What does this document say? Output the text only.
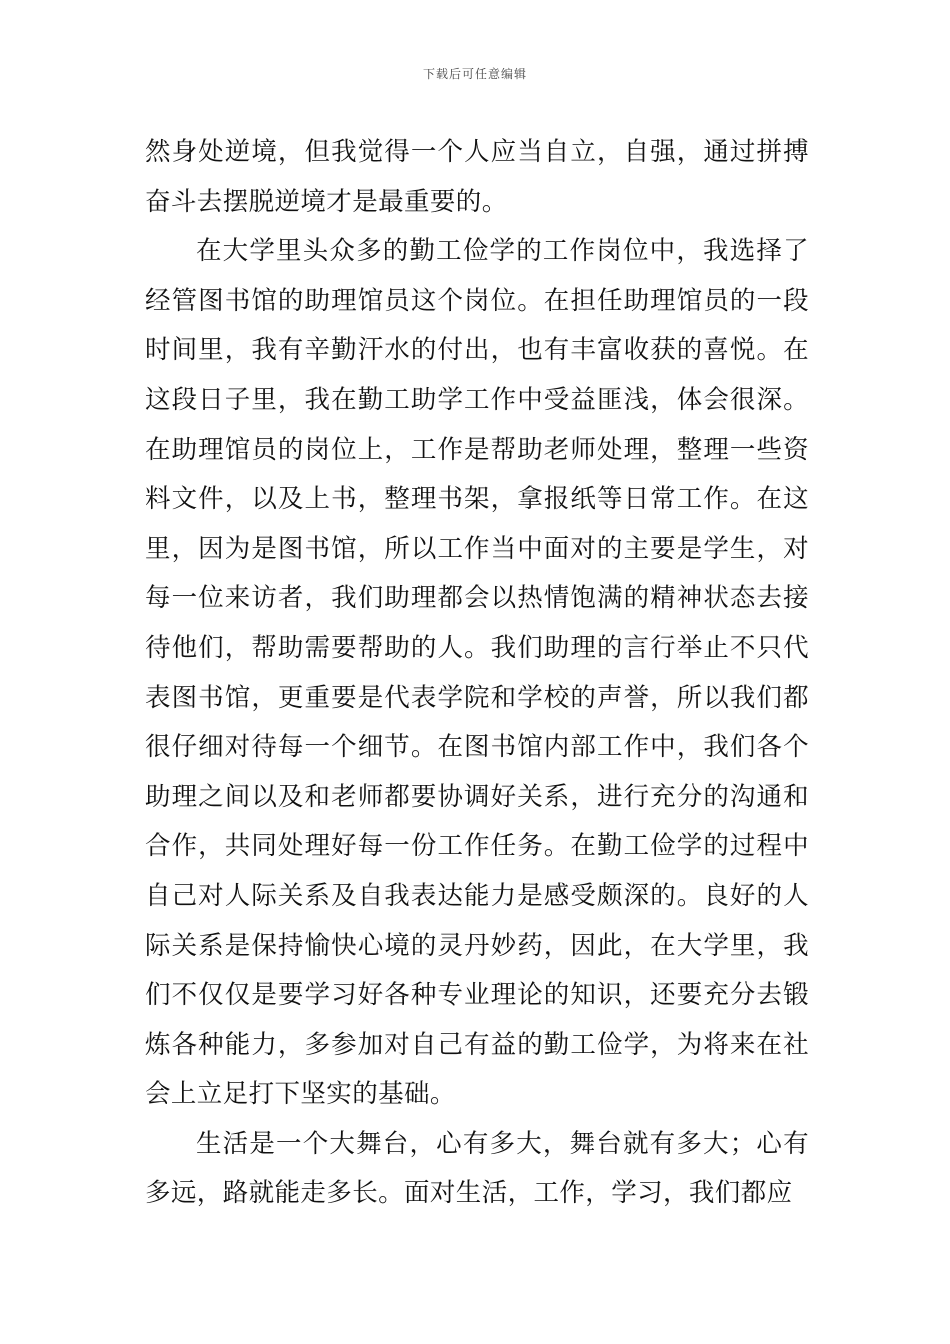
下载后可任意编辑

然身处逆境，但我觉得一个人应当自立，自强，通过拼搏奋斗去摆脱逆境才是最重要的。

在大学里头众多的勤工俭学的工作岗位中，我选择了经管图书馆的助理馆员这个岗位。在担任助理馆员的一段时间里，我有辛勤汗水的付出，也有丰富收获的喜悦。在这段日子里，我在勤工助学工作中受益匪浅，体会很深。在助理馆员的岗位上，工作是帮助老师处理，整理一些资料文件，以及上书，整理书架，拿报纸等日常工作。在这里，因为是图书馆，所以工作当中面对的主要是学生，对每一位来访者，我们助理都会以热情饱满的精神状态去接待他们，帮助需要帮助的人。我们助理的言行举止不只代表图书馆，更重要是代表学院和学校的声誉，所以我们都很仔细对待每一个细节。在图书馆内部工作中，我们各个助理之间以及和老师都要协调好关系，进行充分的沟通和合作，共同处理好每一份工作任务。在勤工俭学的过程中自己对人际关系及自我表达能力是感受颇深的。良好的人际关系是保持愉快心境的灵丹妙药，因此，在大学里，我们不仅仅是要学习好各种专业理论的知识，还要充分去锻炼各种能力，多参加对自己有益的勤工俭学，为将来在社会上立足打下坚实的基础。

生活是一个大舞台，心有多大，舞台就有多大；心有多远，路就能走多长。面对生活，工作，学习，我们都应
